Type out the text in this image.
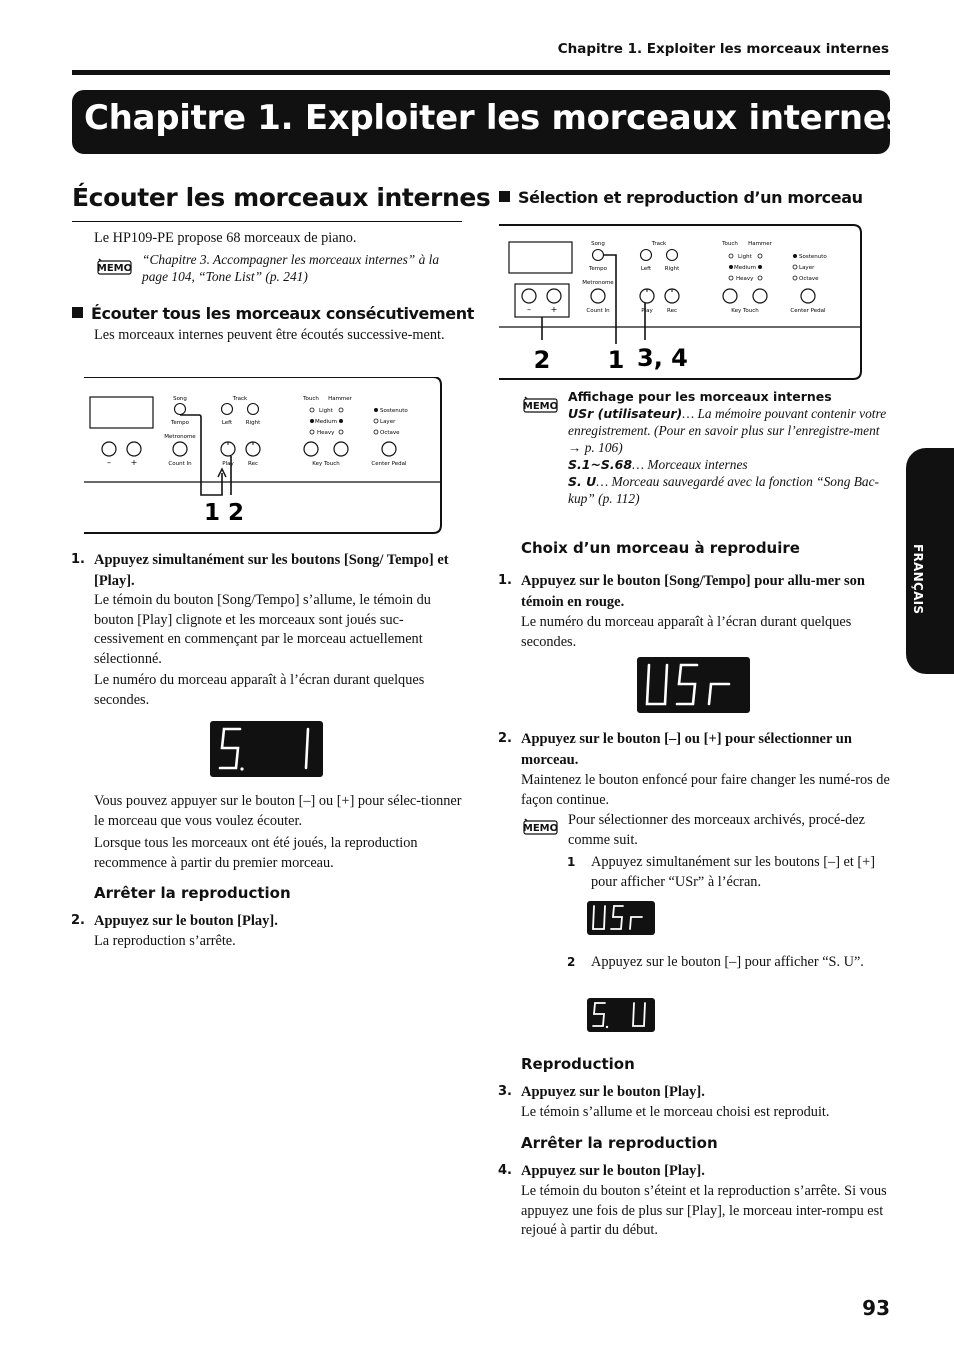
Chapitre 1. Exploiter les morceaux internes
Chapitre 1. Exploiter les morceaux internes
FRANÇAIS
Écouter les morceaux internes
Le HP109-PE propose 68 morceaux de piano.
MEMO
“Chapitre 3. Accompagner les morceaux internes” à la page 104, “Tone List” (p. 241)
Écouter tous les morceaux consécutivement
Les morceaux internes peuvent être écoutés successive-ment.
– +
Song
Tempo
Metronome
Count In
Track
Left Right
Play	Rec
Touch Hammer
Light
Medium
Heavy
Key Touch
Sostenuto
Layer
Octave
Center Pedal
1 2
1. Appuyez simultanément sur les boutons [Song/ Tempo] et [Play].
Le témoin du bouton [Song/Tempo] s’allume, le témoin du bouton [Play] clignote et les morceaux sont joués suc-cessivement en commençant par le morceau actuellement sélectionné.
Le numéro du morceau apparaît à l’écran durant quelques secondes.
Vous pouvez appuyer sur le bouton [–] ou [+] pour sélec-tionner le morceau que vous voulez écouter.
Lorsque tous les morceaux ont été joués, la reproduction recommence à partir du premier morceau.
Arrêter la reproduction
2. Appuyez sur le bouton [Play].
La reproduction s’arrête.
Sélection et reproduction d’un morceau
– +
Song
Tempo
Metronome
Count In
Track
Left Right
Play	Rec
Touch Hammer
Light
Medium
Heavy
Key Touch
Sostenuto
Layer
Octave
Center Pedal
2 1 3, 4
MEMO
Affichage pour les morceaux internes
USr (utilisateur)… La mémoire pouvant contenir votre enregistrement. (Pour en savoir plus sur l’enregistre-ment → p. 106)
S.1~S.68… Morceaux internes
S. U… Morceau sauvegardé avec la fonction “Song Bac-kup” (p. 112)
Choix d’un morceau à reproduire
1. Appuyez sur le bouton [Song/Tempo] pour allu-mer son témoin en rouge.
Le numéro du morceau apparaît à l’écran durant quelques secondes.
2. Appuyez sur le bouton [–] ou [+] pour sélectionner un morceau.
Maintenez le bouton enfoncé pour faire changer les numé-ros de façon continue.
MEMO
Pour sélectionner des morceaux archivés, procé-dez comme suit.
1 Appuyez simultanément sur les boutons [–] et [+] pour afficher “USr” à l’écran.
2 Appuyez sur le bouton [–] pour afficher “S. U”.
Reproduction
3. Appuyez sur le bouton [Play].
Le témoin s’allume et le morceau choisi est reproduit.
Arrêter la reproduction
4. Appuyez sur le bouton [Play].
Le témoin du bouton s’éteint et la reproduction s’arrête. Si vous appuyez une fois de plus sur [Play], le morceau inter-rompu est rejoué à partir du début.
93
